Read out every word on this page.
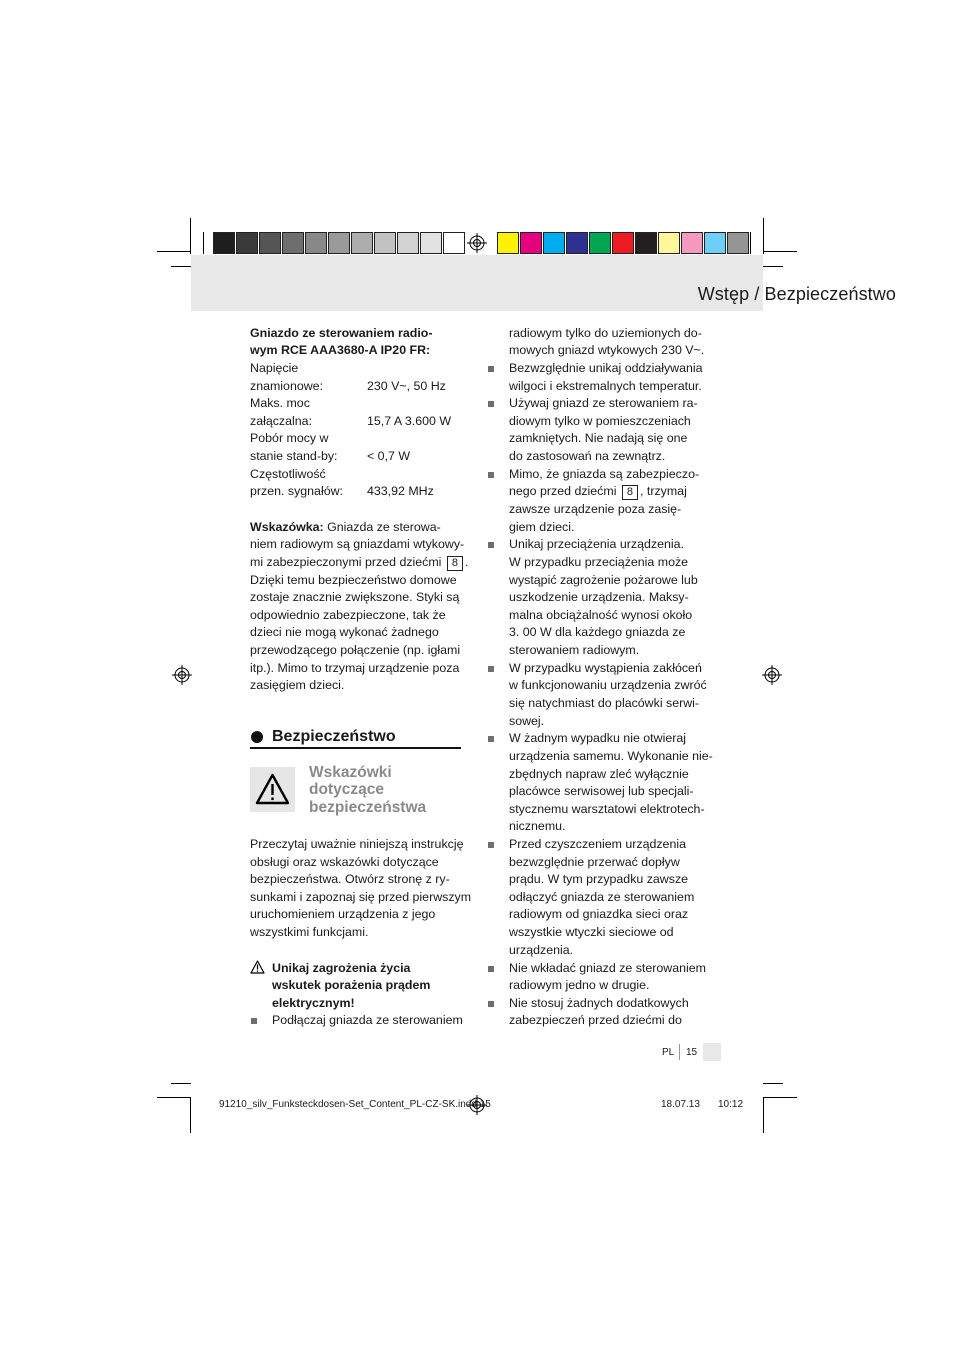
Wstęp / Bezpieczeństwo
Gniazdo ze sterowaniem radio-
wym RCE AAA3680-A IP20 FR:
Napięcie
znamionowe:	230 V~, 50 Hz
Maks. moc
załączalna:	15,7 A 3.600 W
Pobór mocy w
stanie stand-by: < 0,7 W
Częstotliwość
przen. sygnałów: 433,92 MHz
Wskazówka: Gniazda ze sterowa-
niem radiowym są gniazdami wtykowy-
mi zabezpieczonymi przed dziećmi 8 .
Dzięki temu bezpieczeństwo domowe
zostaje znacznie zwiększone. Styki są
odpowiednio zabezpieczone, tak że
dzieci nie mogą wykonać żadnego
przewodzącego połączenie (np. igłami
itp.). Mimo to trzymaj urządzenie poza
zasięgiem dzieci.
Bezpieczeństwo
Wskazówki
dotyczące
bezpieczeństwa
Przeczytaj uważnie niniejszą instrukcję
obsługi oraz wskazówki dotyczące
bezpieczeństwa. Otwórz stronę z ry-
sunkami i zapoznaj się przed pierwszym
uruchomieniem urządzenia z jego
wszystkimi funkcjami.
Unikaj zagrożenia życia
wskutek porażenia prądem
elektrycznym!
Podłączaj gniazda ze sterowaniem
radiowym tylko do uziemionych do-
mowych gniazd wtykowych 230 V~.
Bezwzględnie unikaj oddziaływania
wilgoci i ekstremalnych temperatur.
Używaj gniazd ze sterowaniem ra-
diowym tylko w pomieszczeniach
zamkniętych. Nie nadają się one
do zastosowań na zewnątrz.
Mimo, że gniazda są zabezpieczo-
nego przed dziećmi 8 , trzymaj
zawsze urządzenie poza zasię-
giem dzieci.
Unikaj przeciążenia urządzenia.
W przypadku przeciążenia może
wystąpić zagrożenie pożarowe lub
uszkodzenie urządzenia. Maksy-
malna obciążalność wynosi około
3. 00 W dla każdego gniazda ze
sterowaniem radiowym.
W przypadku wystąpienia zakłóceń
w funkcjonowaniu urządzenia zwróć
się natychmiast do placówki serwi-
sowej.
W żadnym wypadku nie otwieraj
urządzenia samemu. Wykonanie nie-
zbędnych napraw zleć wyłącznie
placówce serwisowej lub specjali-
stycznemu warsztatowi elektrotech-
nicznemu.
Przed czyszczeniem urządzenia
bezwzględnie przerwać dopływ
prądu. W tym przypadku zawsze
odłączyć gniazda ze sterowaniem
radiowym od gniazdka sieci oraz
wszystkie wtyczki sieciowe od
urządzenia.
Nie wkładać gniazd ze sterowaniem
radiowym jedno w drugie.
Nie stosuj żadnych dodatkowych
zabezpieczeń przed dziećmi do
PL 15
91210_silv_Funksteckdosen-Set_Content_PL-CZ-SK.indd 15	18.07.13 10:12
